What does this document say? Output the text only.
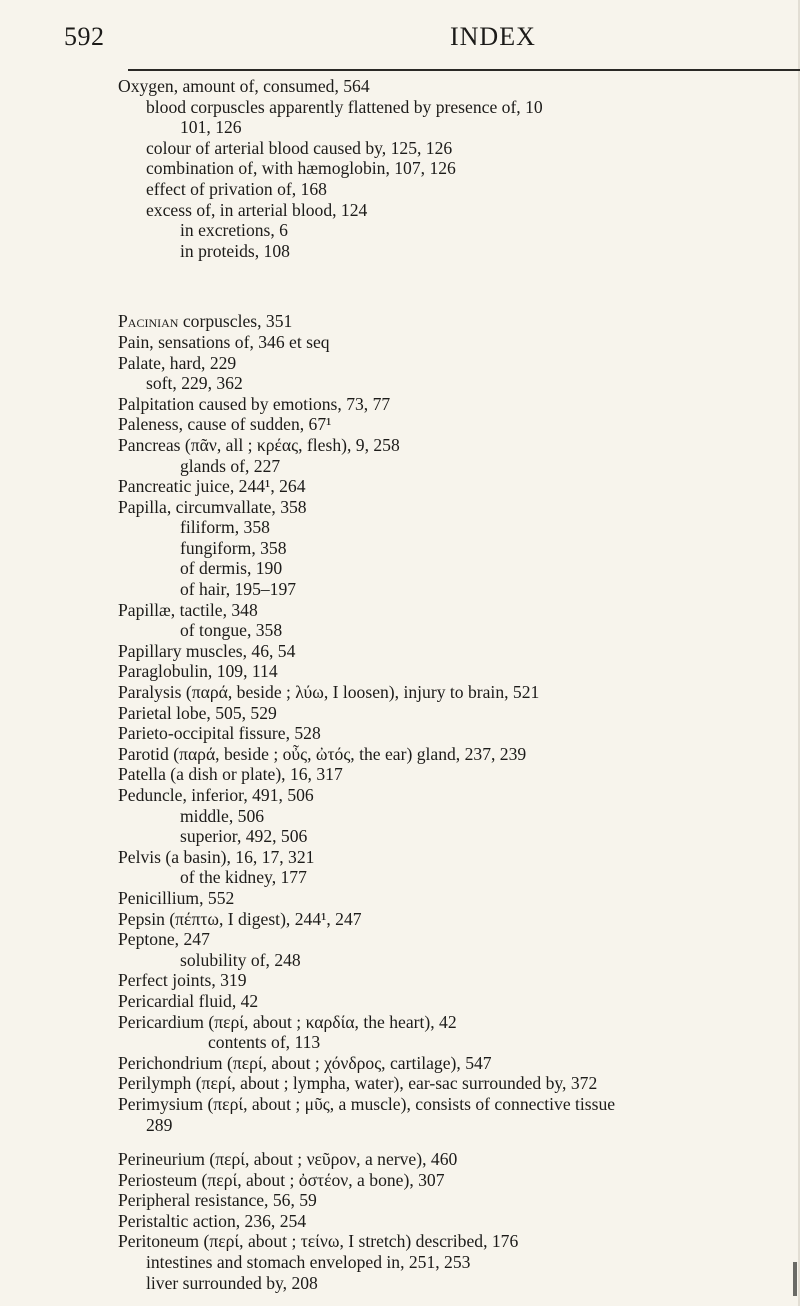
592	INDEX
Oxygen, amount of, consumed, 564
blood corpuscles apparently flattened by presence of, 10
101, 126
colour of arterial blood caused by, 125, 126
combination of, with hæmoglobin, 107, 126
effect of privation of, 168
excess of, in arterial blood, 124
in excretions, 6
in proteids, 108
Pacinian corpuscles, 351
Pain, sensations of, 346 et seq
Palate, hard, 229
soft, 229, 362
Palpitation caused by emotions, 73, 77
Paleness, cause of sudden, 67¹
Pancreas (πᾶν, all ; κρέας, flesh), 9, 258
glands of, 227
Pancreatic juice, 244¹, 264
Papilla, circumvallate, 358
filiform, 358
fungiform, 358
of dermis, 190
of hair, 195–197
Papillæ, tactile, 348
of tongue, 358
Papillary muscles, 46, 54
Paraglobulin, 109, 114
Paralysis (παρά, beside ; λύω, I loosen), injury to brain, 521
Parietal lobe, 505, 529
Parieto-occipital fissure, 528
Parotid (παρά, beside ; οὖς, ὠτός, the ear) gland, 237, 239
Patella (a dish or plate), 16, 317
Peduncle, inferior, 491, 506
middle, 506
superior, 492, 506
Pelvis (a basin), 16, 17, 321
of the kidney, 177
Penicillium, 552
Pepsin (πέπτω, I digest), 244¹, 247
Peptone, 247
solubility of, 248
Perfect joints, 319
Pericardial fluid, 42
Pericardium (περί, about ; καρδία, the heart), 42
contents of, 113
Perichondrium (περί, about ; χόνδρος, cartilage), 547
Perilymph (περί, about ; lympha, water), ear-sac surrounded by, 372
Perimysium (περί, about ; μῦς, a muscle), consists of connective tissue
289
Perineurium (περί, about ; νεῦρον, a nerve), 460
Periosteum (περί, about ; ὀστέον, a bone), 307
Peripheral resistance, 56, 59
Peristaltic action, 236, 254
Peritoneum (περί, about ; τείνω, I stretch) described, 176
intestines and stomach enveloped in, 251, 253
liver surrounded by, 208
